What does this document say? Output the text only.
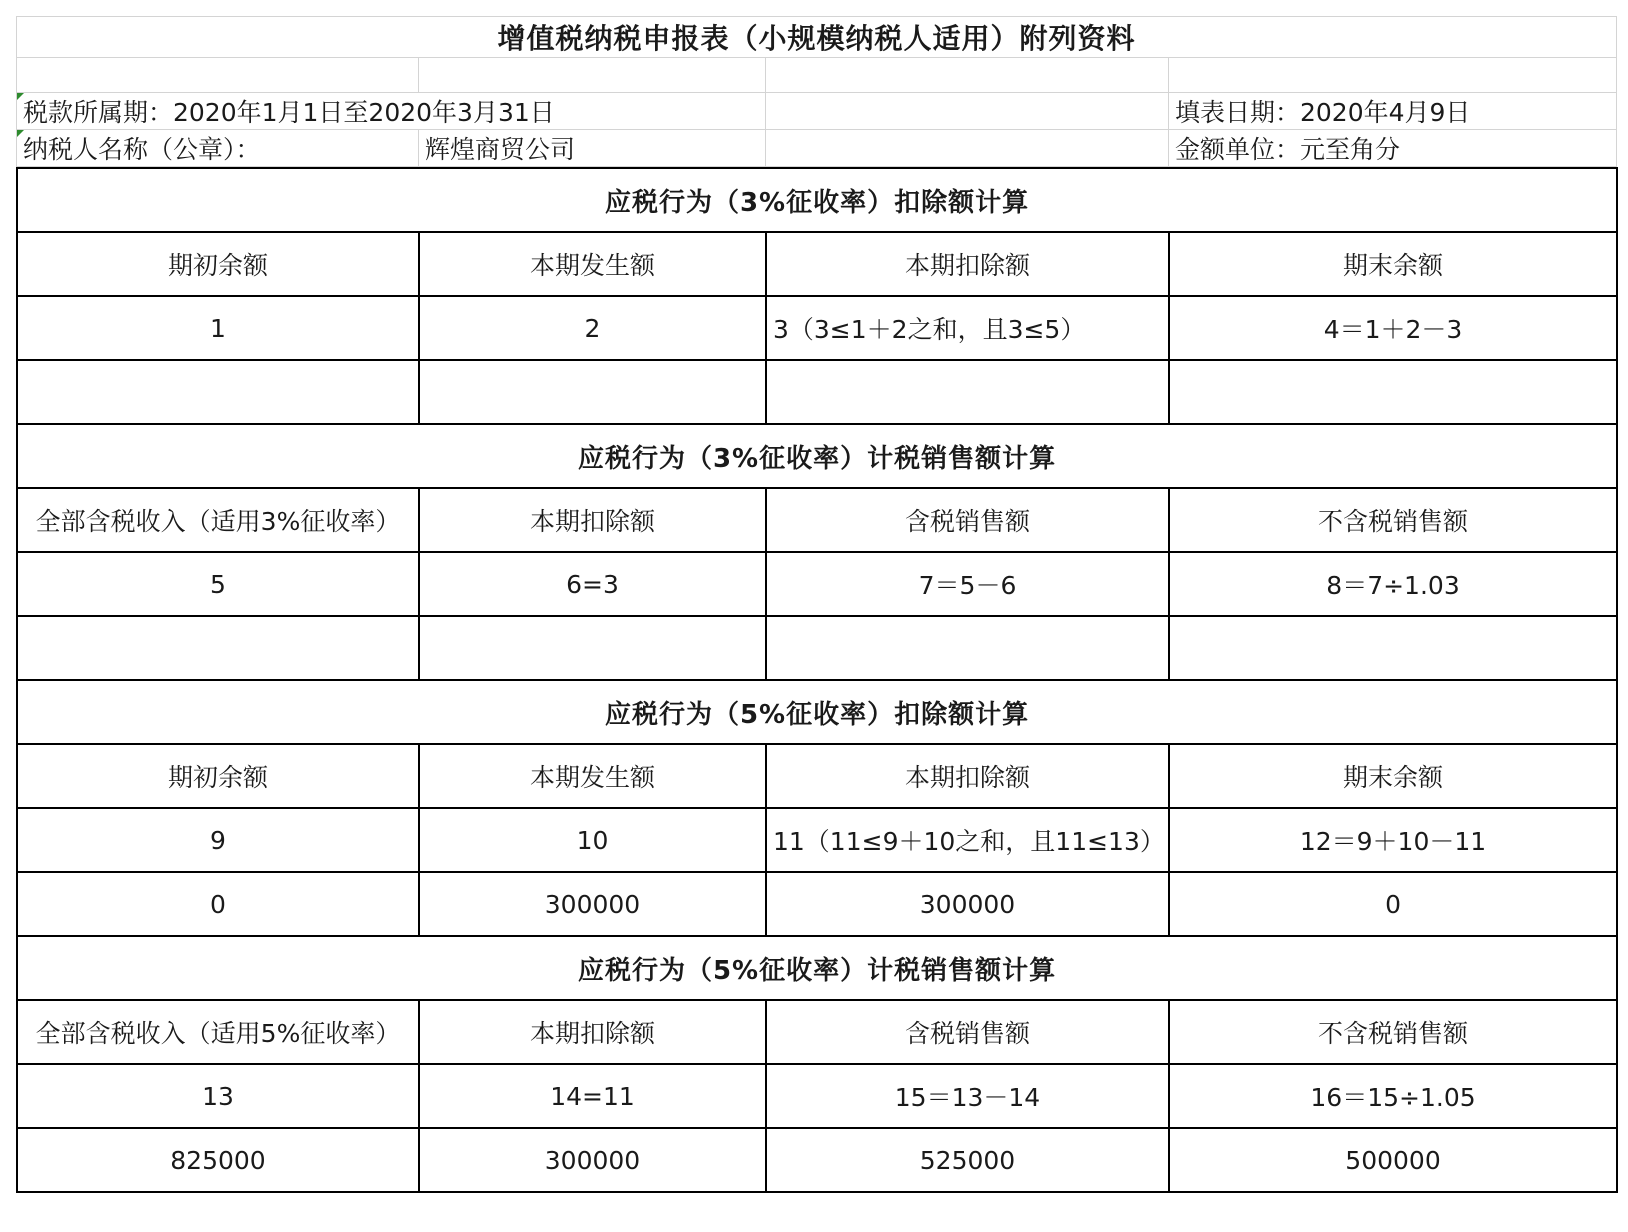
增值税纳税申报表（小规模纳税人适用）附列资料			

税款所属期：2020年1月1日至2020年3月31日			填表日期：2020年4月9日

纳税人名称（公章）：	辉煌商贸公司		金额单位：元至角分
应税行为（3%征收率）扣除额计算			
期初余额	本期发生额	本期扣除额	期末余额
1	2	3（3≤1＋2之和，且3≤5）	4＝1＋2－3

应税行为（3%征收率）计税销售额计算			
全部含税收入（适用3%征收率）	本期扣除额	含税销售额	不含税销售额
5	6=3	7＝5－6	8＝7÷1.03

应税行为（5%征收率）扣除额计算			
期初余额	本期发生额	本期扣除额	期末余额
9	10	11（11≤9＋10之和，且11≤13）	12＝9＋10－11
0	300000	300000	0
应税行为（5%征收率）计税销售额计算			
全部含税收入（适用5%征收率）	本期扣除额	含税销售额	不含税销售额
13	14=11	15＝13－14	16＝15÷1.05
825000	300000	525000	500000
